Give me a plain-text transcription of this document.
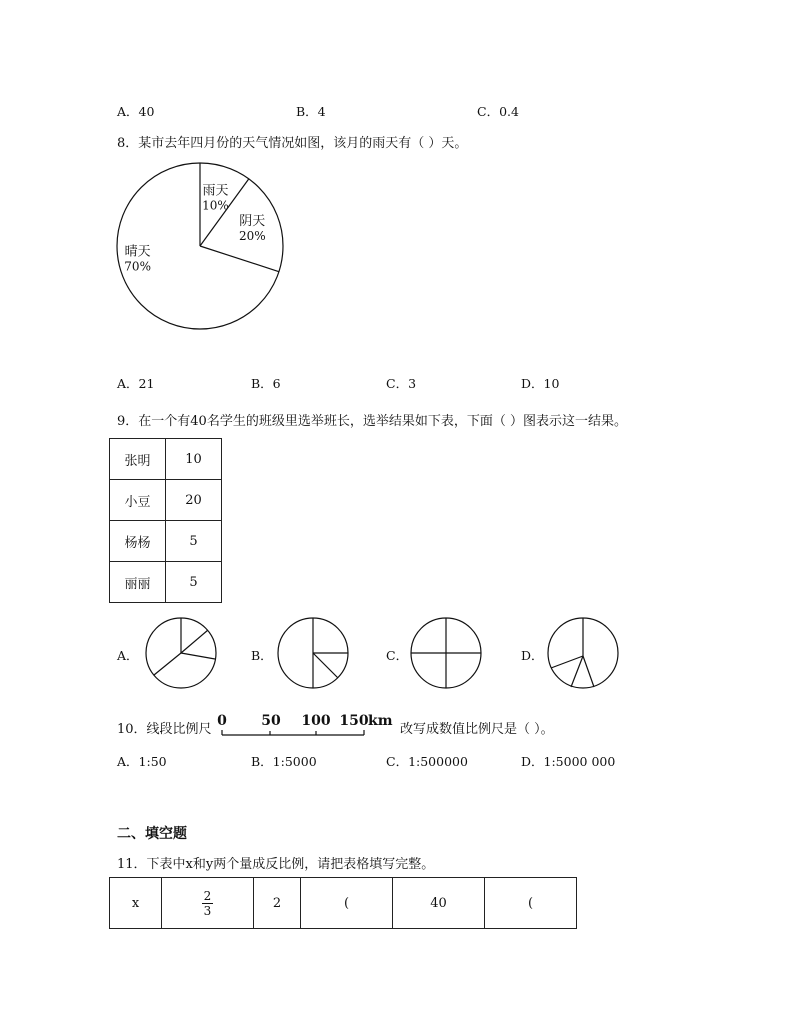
A．40	B．4	C．0.4
8．某市去年四月份的天气情况如图，该月的雨天有（ ）天。
雨天
10%
阴天
20%
晴天
70%
A．21	B．6	C．3	D．10
9．在一个有40名学生的班级里选举班长，选举结果如下表，下面（ ）图表示这一结果。
张明	10
小豆	20
杨杨	5
丽丽	5
A．	B．	C．	D．
10．线段比例尺
0 50 100 150 km
改写成数值比例尺是（ ）。
A．1:50	B．1:5000	C．1:500000	D．1:5000 000
二、填空题
11．下表中x和y两个量成反比例，请把表格填写完整。
x	$\frac{2}{3}$	2	(	40	(
